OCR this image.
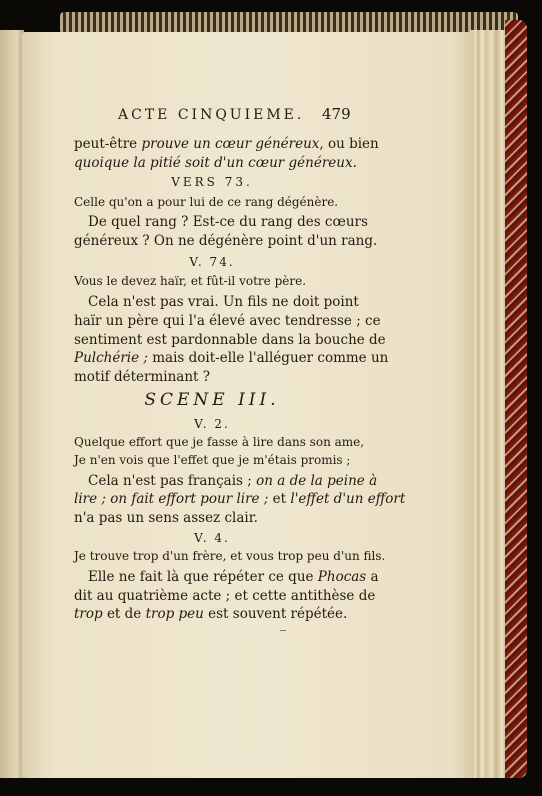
ACTE CINQUIEME. 479
peut-être prouve un cœur généreux, ou bien
quoique la pitié soit d'un cœur généreux.
VERS 73.
Celle qu'on a pour lui de ce rang dégénère.
De quel rang ? Est-ce du rang des cœurs
généreux ? On ne dégénère point d'un rang.
V. 74.
Vous le devez haïr, et fût-il votre père.
Cela n'est pas vrai. Un fils ne doit point
haïr un père qui l'a élevé avec tendresse ; ce
sentiment est pardonnable dans la bouche de
Pulchérie ; mais doit-elle l'alléguer comme un
motif déterminant ?
SCENE III.
V. 2.
Quelque effort que je fasse à lire dans son ame,
Je n'en vois que l'effet que je m'étais promis ;
Cela n'est pas français ; on a de la peine à
lire ; on fait effort pour lire ; et l'effet d'un effort
n'a pas un sens assez clair.
V. 4.
Je trouve trop d'un frère, et vous trop peu d'un fils.
Elle ne fait là que répéter ce que Phocas a
dit au quatrième acte ; et cette antithèse de
trop et de trop peu est souvent répétée.
